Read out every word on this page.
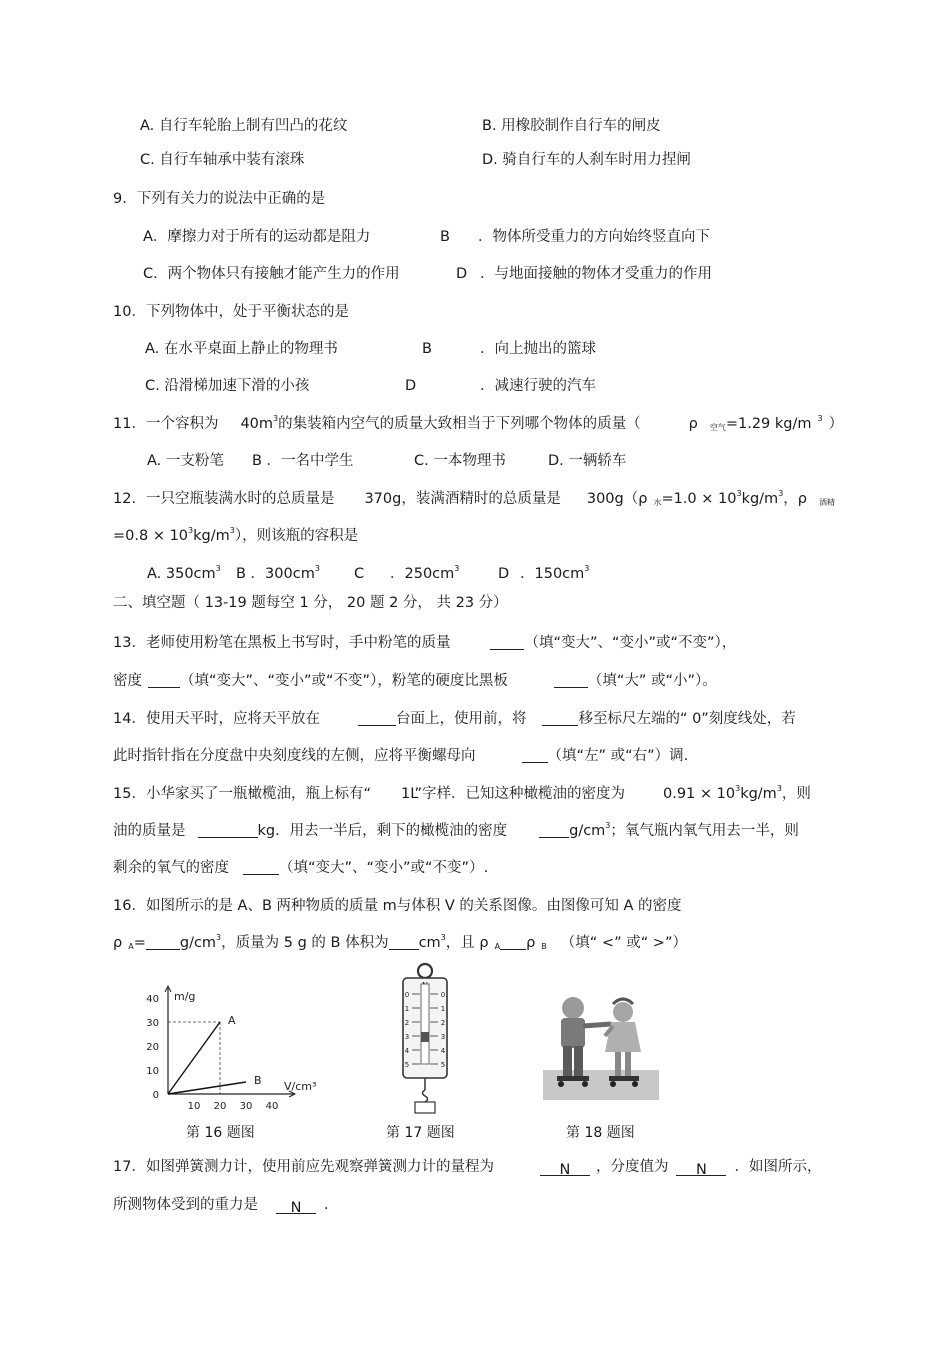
A. 自行车轮胎上制有凹凸的花纹	B. 用橡胶制作自行车的闸皮
C. 自行车轴承中装有滚珠	D. 骑自行车的人刹车时用力捏闸
9．下列有关力的说法中正确的是
A．摩擦力对于所有的运动都是阻力	B ．物体所受重力的方向始终竖直向下
C．两个物体只有接触才能产生力的作用	D ．与地面接触的物体才受重力的作用
10．下列物体中，处于平衡状态的是
A. 在水平桌面上静止的物理书	B	．向上抛出的篮球
C. 沿滑梯加速下滑的小孩	D	．减速行驶的汽车
11．一个容积为 $40m^3$的集装箱内空气的质量大致相当于下列哪个物体的质量（	ρ $_{空气}$=1.29 kg/m $^3$ ）
A. 一支粉笔 B ．一名中学生	C. 一本物理书	D. 一辆轿车
12．一只空瓶装满水时的总质量是 370g，装满酒精时的总质量是 300g（ρ $_水=1.0 \times 10^3kg/m^3$，ρ $_{酒精}$
$=0.8 \times 10^3kg/m^3$），则该瓶的容积是
A. $350cm^3$ B ．$300cm^3$ C ．$250cm^3$	D ．$150cm^3$
二、填空题（ 13-19 题每空 1 分， 20 题 2 分， 共 23 分）
13．老师使用粉笔在黑板上书写时，手中粉笔的质量	（填“变大”、“变小”或“不变”），
密度	（填“变大”、“变小”或“不变”），粉笔的硬度比黑板	（填“大” 或“小”）。
14．使用天平时，应将天平放在	台面上，使用前，将	移至标尺左端的“ 0”刻度线处，若
此时指针指在分度盘中央刻度线的左侧，应将平衡螺母向	（填“左” 或“右”）调.
15．小华家买了一瓶橄榄油，瓶上标有“ 1L”字样．已知这种橄榄油的密度为	$0.91 \times 10^3kg/m^3$，则
油的质量是	kg．用去一半后，剩下的橄榄油的密度	$g/cm^3$；氧气瓶内氧气用去一半，则
剩余的氧气的密度	（填“变大”、“变小”或“不变”）.
16．如图所示的是 A、B 两种物质的质量 m与体积 V 的关系图像。由图像可知 A 的密度
ρ $_A= g/cm^3$，质量为 5 g 的 B 体积为 $cm^3$，且 ρ $_A$ ρ $_B$ （填“ <” 或“ >”）
m/g
V/cm³
0
10
20
30
40
10 20 30 40
A
B
第 16 题图
0	0
1	1
2	2
3	3
4	4
5	5
第 17 题图	第 18 题图
17．如图弹簧测力计，使用前应先观察弹簧测力计的量程为	N ，分度值为 N ．如图所示，
所测物体受到的重力是 N .
